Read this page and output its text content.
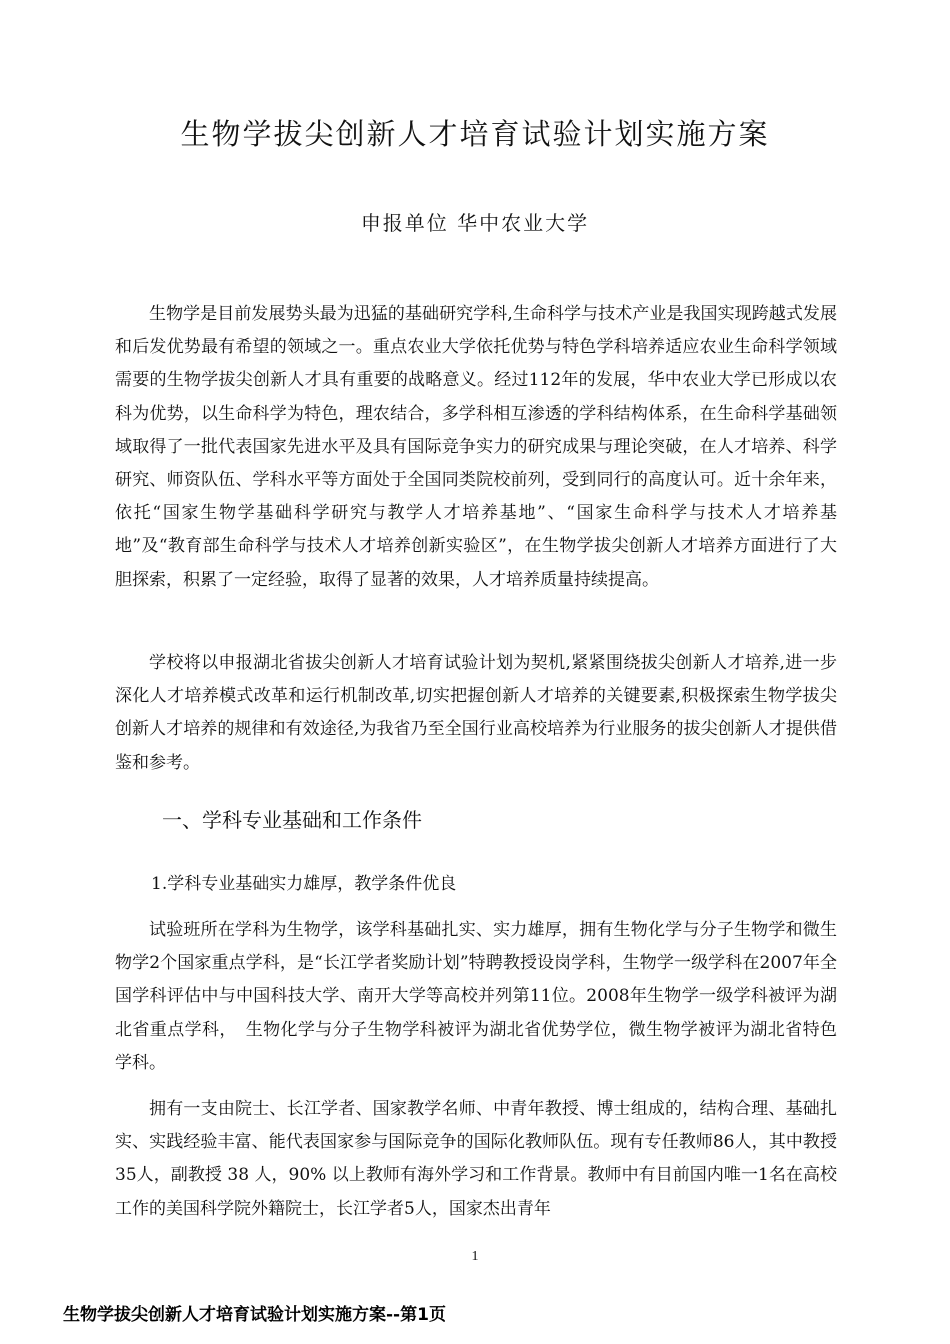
生物学拔尖创新人才培育试验计划实施方案
申报单位 华中农业大学

生物学是目前发展势头最为迅猛的基础研究学科,生命科学与技术产业是我国实现跨越式发展和后发优势最有希望的领域之一。重点农业大学依托优势与特色学科培养适应农业生命科学领域需要的生物学拔尖创新人才具有重要的战略意义。经过112年的发展，华中农业大学已形成以农科为优势，以生命科学为特色，理农结合，多学科相互渗透的学科结构体系，在生命科学基础领域取得了一批代表国家先进水平及具有国际竞争实力的研究成果与理论突破，在人才培养、科学研究、师资队伍、学科水平等方面处于全国同类院校前列，受到同行的高度认可。近十余年来，依托“国家生物学基础科学研究与教学人才培养基地”、“国家生命科学与技术人才培养基地”及“教育部生命科学与技术人才培养创新实验区”，在生物学拔尖创新人才培养方面进行了大胆探索，积累了一定经验，取得了显著的效果，人才培养质量持续提高。

学校将以申报湖北省拔尖创新人才培育试验计划为契机,紧紧围绕拔尖创新人才培养,进一步深化人才培养模式改革和运行机制改革,切实把握创新人才培养的关键要素,积极探索生物学拔尖创新人才培养的规律和有效途径,为我省乃至全国行业高校培养为行业服务的拔尖创新人才提供借鉴和参考。

一、学科专业基础和工作条件
1.学科专业基础实力雄厚，教学条件优良

试验班所在学科为生物学，该学科基础扎实、实力雄厚，拥有生物化学与分子生物学和微生物学2个国家重点学科，是“长江学者奖励计划”特聘教授设岗学科，生物学一级学科在2007年全国学科评估中与中国科技大学、南开大学等高校并列第11位。2008年生物学一级学科被评为湖北省重点学科，　生物化学与分子生物学科被评为湖北省优势学位，微生物学被评为湖北省特色学科。

拥有一支由院士、长江学者、国家教学名师、中青年教授、博士组成的，结构合理、基础扎实、实践经验丰富、能代表国家参与国际竞争的国际化教师队伍。现有专任教师86人，其中教授 35人，副教授 38 人，90% 以上教师有海外学习和工作背景。教师中有目前国内唯一1名在高校工作的美国科学院外籍院士，长江学者5人，国家杰出青年

1
生物学拔尖创新人才培育试验计划实施方案--第1页
